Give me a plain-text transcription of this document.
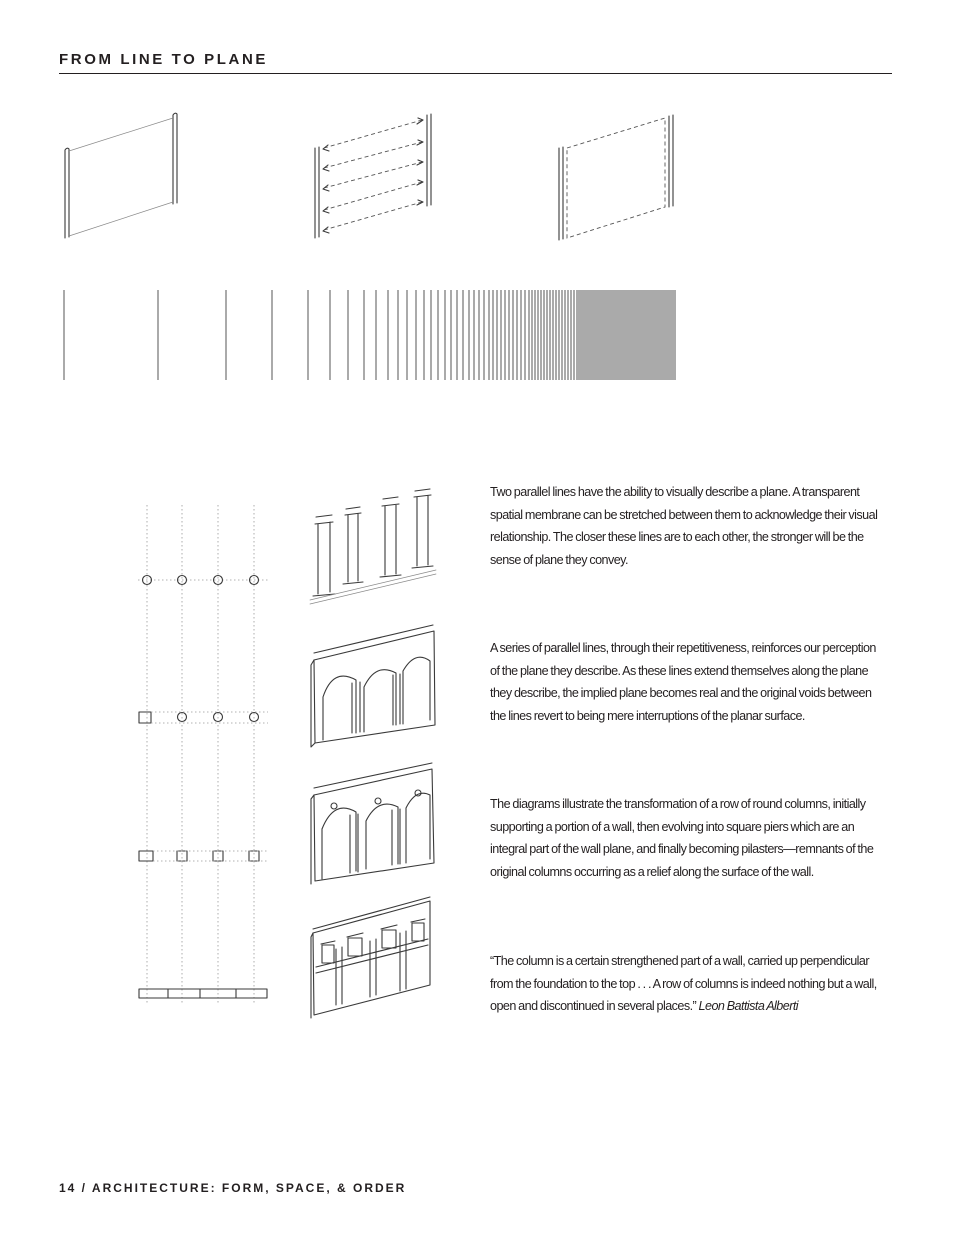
FROM LINE TO PLANE

Two parallel lines have the ability to visually describe a plane. A transparent spatial membrane can be stretched between them to acknowledge their visual relationship. The closer these lines are to each other, the stronger will be the sense of plane they convey.

A series of parallel lines, through their repetitiveness, reinforces our perception of the plane they describe. As these lines extend themselves along the plane they describe, the implied plane becomes real and the original voids between the lines revert to being mere interruptions of the planar surface.

The diagrams illustrate the transformation of a row of round columns, initially supporting a portion of a wall, then evolving into square piers which are an integral part of the wall plane, and finally becoming pilasters—remnants of the original columns occurring as a relief along the surface of the wall.

“The column is a certain strengthened part of a wall, carried up perpendicular from the foundation to the top . . . A row of columns is indeed nothing but a wall, open and discontinued in several places.” Leon Battista Alberti

14 / ARCHITECTURE: FORM, SPACE, & ORDER
